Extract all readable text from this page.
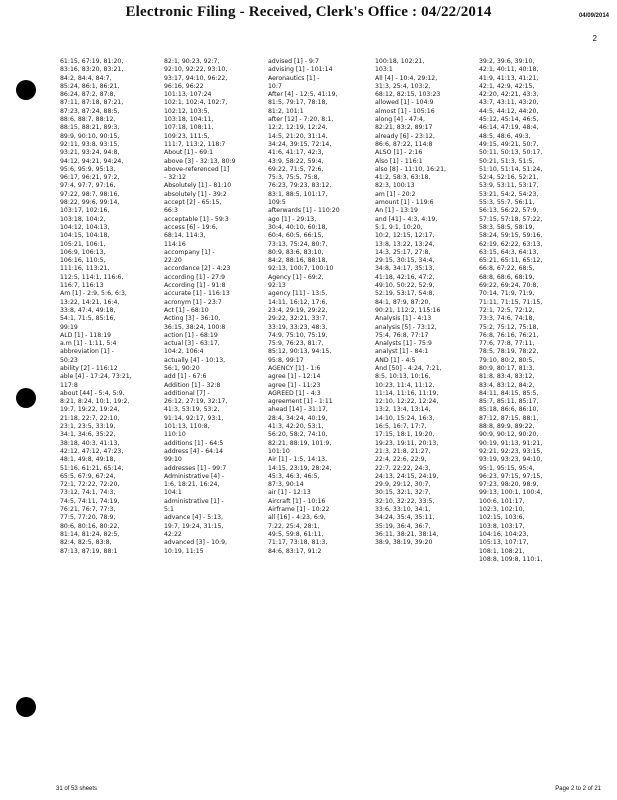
Electronic Filing - Received, Clerk's Office : 04/22/2014	04/09/2014
2
61:15, 67:19, 81:20,
83:16, 83:20, 83:21,
84:2, 84:4, 84:7,
85:24, 86:1, 86:21,
86:24, 87:2, 87:8,
87:11, 87:18, 87:21,
87:23, 87:24, 88:5,
88:6, 88:7, 88:12,
88:15, 88:21, 89:3,
89:9, 90:10, 90:15,
92:11, 93:8, 93:15,
93:21, 93:24, 94:8,
94:12, 94:21, 94:24,
95:6, 95:9, 95:13,
96:17, 96:21, 97:2,
97:4, 97:7, 97:16,
97:22, 98:7, 98:16,
98:22, 99:6, 99:14,
103:17, 102:16,
103:18, 104:2,
104:12, 104:13,
104:15, 104:18,
105:21, 106:1,
106:9, 106:13,
106:16, 110:5,
111:16, 113:21,
112:5, 114:1, 116:6,
116:7, 116:13
Am [1] - 2:9, 5:6, 6:3,
13:22, 14:21, 16:4,
33:8, 47:4, 49:18,
54:1, 71:5, 85:16,
99:19
ALD [1] - 118:19
a.m [1] - 1:11, 5:4
abbreviation [1] -
50:23
ability [2] - 116:12
able [4] - 17:24, 73:21,
117:8
about [44] - 5:4, 5:9,
8:21, 8:24, 10:1, 19:2,
19:7, 19:22, 19:24,
21:18, 22:7, 22:10,
23:1, 23:5, 33:19,
34:1, 34:6, 35:22,
38:18, 40:3, 41:13,
42:12, 47:12, 47:23,
48:1, 49:8, 49:18,
51:16, 61:21, 65:14,
65:5, 67:9, 67:24,
72:1, 72:22, 72:20,
73:12, 74:1, 74:3,
74:5, 74:11, 74:19,
76:21, 76:7, 77:3,
77:5, 77:20, 78:9,
80:6, 80:16, 80:22,
81:14, 81:24, 82:5,
82:4, 82:5, 83:8,
87:13, 87:19, 88:1
82:1, 90:23, 92:7,
92:10, 92:22, 93:10,
93:17, 94:10, 96:22,
96:16, 96:22
101:13, 107:24
102:1, 102:4, 102:7,
102:12, 103:5,
103:18, 104:11,
107:18, 108:11,
109:23, 111:5,
111:7, 113:2, 118:7
About [1] - 69:1
above [3] - 32:13, 80:9
above-referenced [1]
- 32:12
Absolutely [1] - 81:10
absolutely [1] - 39:2
accept [2] - 65:15,
66:3
acceptable [1] - 59:3
access [6] - 19:6,
68:14, 114:3,
114:16
accompany [1] -
22:20
accordance [2] - 4:23
according [1] - 27:9
According [1] - 91:8
accurate [1] - 116:13
acronym [1] - 23:7
Act [1] - 68:10
Acting [3] - 36:10,
36:15, 38:24, 100:8
action [1] - 68:19
actual [3] - 63:17,
104:2, 106:4
actually [4] - 10:13,
56:1, 90:20
add [1] - 67:6
Addition [1] - 32:8
additional [7] -
26:12, 27:19, 32:17,
41:3, 53:19, 53:2,
91:14, 92:17, 93:1,
101:13, 110:8,
110:10
additions [1] - 64:5
address [4] - 64:14
99:10
addresses [1] - 99:7
Administrative [4] -
1:6, 18:21, 16:24,
104:1
administrative [1] -
5:1
advance [4] - 5:13,
19:7, 19:24, 31:15,
42:22
advanced [3] - 10:9,
10:19, 11:15
advised [1] - 9:7
advising [1] - 101:14
Aeronautics [1] -
10:7
After [4] - 12:5, 41:19,
81:5, 79:17, 78:18,
81:2, 101:1
after [12] - 7:20, 8:1,
12:2, 12:19, 12:24,
14:5, 21:20, 31:14,
34:24, 39:15, 72:14,
41:6, 41:17, 42:3,
43:9, 58:22, 59:4,
69:22, 71:5, 72:6,
75:3, 75:5, 75:8,
76:23, 79:23, 83:12,
83:1, 88:5, 101:17,
109:5
afterwards [1] - 110:20
ago [1] - 29:13,
30:4, 40:10, 60:18,
60:4, 60:5, 66:15,
73:13, 75:24, 80:7,
80:9, 83:6, 83:10,
84:2, 88:16, 88:18,
92:13, 100:7, 100:10
Agency [1] - 69:2,
92:13
agency [11] - 13:5,
14:11, 16:12, 17:6,
23:4, 29:19, 29:22,
29:22, 32:21, 33:7,
33:19, 33:23, 48:3,
74:9, 75:10, 75:19,
75:9, 76:23, 81:7,
85:12, 90:13, 94:15,
95:8, 99:17
AGENCY [1] - 1:6
agree [1] - 12:14
agree [1] - 11:23
AGREED [1] - 4:3
agreement [1] - 1:11
ahead [14] - 31:17,
28:4, 34:24, 40:19,
41:3, 42:20, 53:1,
56:20, 58:2, 74:10,
82:21, 88:19, 101:9,
101:10
Air [1] - 1:5, 14:13,
14:15, 23:19, 28:24,
45:3, 46:3, 46:5,
87:3, 90:14
air [1] - 12:13
Aircraft [1] - 10:16
Airframe [1] - 10:22
all [16] - 4:23, 6:9,
7:22, 25:4, 28:1,
49:5, 59:8, 61:11,
71:17, 73:18, 81:3,
84:6, 83:17, 91:2
100:18, 102:21,
103:1
All [4] - 10:4, 29:12,
31:3, 25:4, 103:2,
68:12, 82:15, 103:23
allowed [1] - 104:9
almost [1] - 105:16
along [4] - 47:4,
82:21, 83:2, 89:17
already [6] - 23:12,
86:6, 87:22, 114:8
ALSO [1] - 2:16
Also [1] - 116:1
also [8] - 11:10, 16:21,
41:2, 58:3, 63:18,
82:3, 100:13
am [1] - 20:2
amount [1] - 119:6
An [1] - 13:19
and [41] - 4:3, 4:19,
5:1, 9:1, 10:20,
10:2, 12:15, 12:17,
13:8, 13:22, 13:24,
14:3, 25:17, 27:8,
29:15, 30:15, 34:4,
34:8, 34:17, 35:13,
41:18, 42:16, 47:2,
49:10, 50:22, 52:9,
52:19, 53:17, 54:8,
84:1, 87:9, 87:20,
90:21, 112:2, 115:16
Analysis [1] - 4:13
analysis [5] - 73:12,
75:4, 76:8, 77:17
Analysts [1] - 75:9
analyst [1] - 84:1
AND [1] - 4:5
And [50] - 4:24, 7:21,
8:5, 10:13, 10:16,
10:23, 11:4, 11:12,
11:14, 11:16, 11:19,
12:10, 12:22, 12:24,
13:2, 13:4, 13:14,
14:10, 15:24, 16:3,
16:5, 16:7, 17:7,
17:15, 18:1, 19:20,
19:23, 19:11, 20:13,
21:3, 21:8, 21:27,
22:4, 22:6, 22:9,
22:7, 22:22, 24:3,
24:13, 24:15, 24:19,
29:9, 29:12, 30:7,
30:15, 32:1, 32:7,
32:10, 32:22, 33:5,
33:6, 33:10, 34:1,
34:24, 35:4, 35:11,
35:19, 36:4, 36:7,
36:11, 38:21, 38:14,
38:9, 38:19, 39:20
39:2, 39:6, 39:10,
42:1, 40:11, 40:18,
41:9, 41:13, 41:21,
42:1, 42:9, 42:15,
42:20, 42:21, 43:3,
43:7, 43:11, 43:20,
44:5, 44:12, 44:20,
45:12, 45:14, 46:5,
46:14, 47:19, 48:4,
48:5, 48:6, 49:3,
49:15, 49:21, 50:7,
50:11, 50:13, 50:17,
50:21, 51:3, 51:5,
51:10, 51:14, 51:24,
52:4, 52:16, 52:21,
53:9, 53:11, 53:17,
53:21, 54:2, 54:23,
55:3, 55:7, 56:11,
56:13, 56:22, 57:9,
57:15, 57:18, 57:22,
58:3, 58:5, 58:19,
58:24, 59:15, 59:16,
62:19, 62:22, 63:13,
63:15, 64:3, 64:13,
65:21, 65:11, 65:12,
66:8, 67:22, 68:5,
68:8, 68:6, 68:19,
69:22, 69:24, 70:8,
70:14, 71:9, 71:9,
71:11, 71:15, 71:15,
72:1, 72:5, 72:12,
73:3, 74:6, 74:18,
75:2, 75:12, 75:18,
76:8, 76:16, 76:21,
77:6, 77:8, 77:11,
78:5, 78:19, 78:22,
79:10, 80:2, 80:5,
80:9, 80:17, 81:3,
81:8, 83:4, 83:12,
83:4, 83:12, 84:2,
84:11, 84:15, 85:5,
85:7, 85:11, 85:17,
85:18, 86:6, 86:10,
87:12, 87:15, 88:1,
88:8, 89:9, 89:22,
90:9, 90:12, 90:20,
90:19, 91:13, 91:21,
92:21, 92:23, 93:15,
93:19, 93:23, 94:10,
95:1, 95:15, 95:4,
96:23, 97:15, 97:15,
97:23, 98:20, 98:9,
99:13, 100:1, 100:4,
100:6, 101:17,
102:3, 102:10,
102:15, 103:6,
103:8, 103:17,
104:16, 104:23,
105:13, 107:17,
108:1, 108:21,
108:8, 109:8, 110:1,
31 of 53 sheets	Page 2 to 2 of 21
